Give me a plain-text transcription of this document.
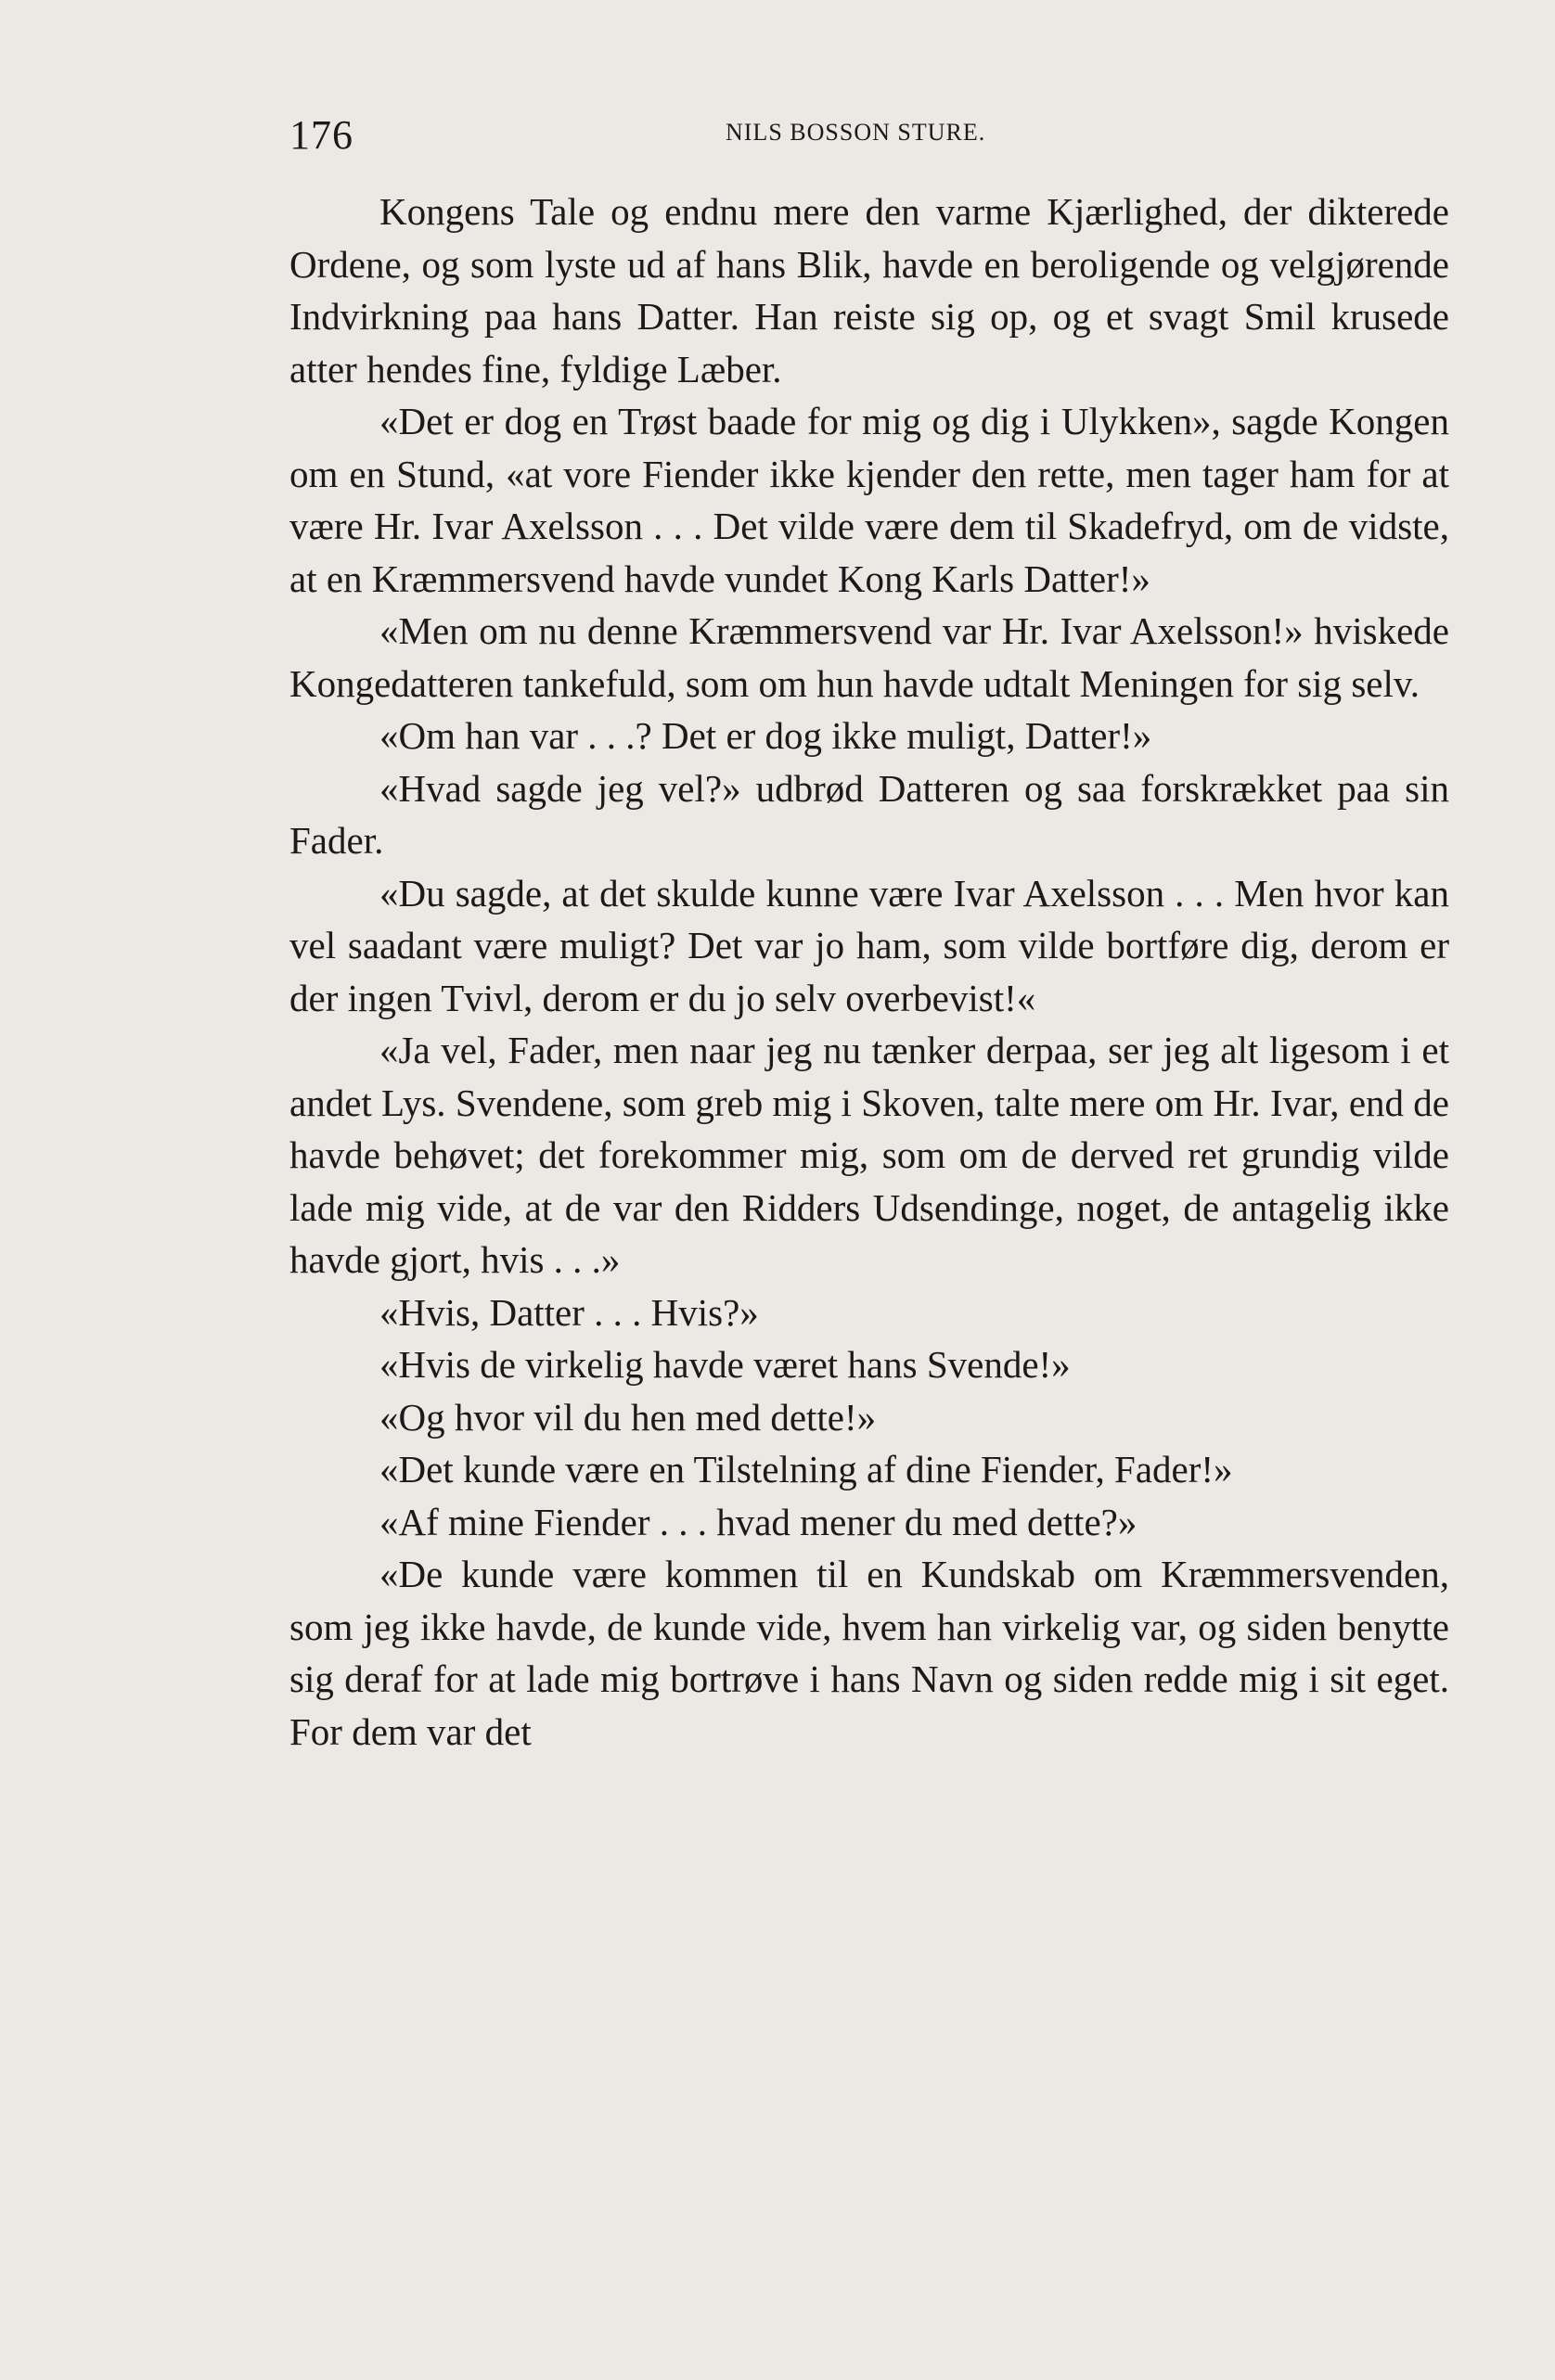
176	NILS BOSSON STURE.

Kongens Tale og endnu mere den varme Kjærlighed, der dikterede Ordene, og som lyste ud af hans Blik, havde en beroligende og velgjørende Indvirkning paa hans Datter. Han reiste sig op, og et svagt Smil krusede atter hendes fine, fyldige Læber.

«Det er dog en Trøst baade for mig og dig i Ulykken», sagde Kongen om en Stund, «at vore Fiender ikke kjender den rette, men tager ham for at være Hr. Ivar Axelsson . . . Det vilde være dem til Skadefryd, om de vidste, at en Kræmmersvend havde vundet Kong Karls Datter!»

«Men om nu denne Kræmmersvend var Hr. Ivar Axelsson!» hviskede Kongedatteren tankefuld, som om hun havde udtalt Meningen for sig selv.

«Om han var . . .? Det er dog ikke muligt, Datter!»

«Hvad sagde jeg vel?» udbrød Datteren og saa forskrækket paa sin Fader.

«Du sagde, at det skulde kunne være Ivar Axelsson . . . Men hvor kan vel saadant være muligt? Det var jo ham, som vilde bortføre dig, derom er der ingen Tvivl, derom er du jo selv overbevist!«

«Ja vel, Fader, men naar jeg nu tænker derpaa, ser jeg alt ligesom i et andet Lys. Svendene, som greb mig i Skoven, talte mere om Hr. Ivar, end de havde behøvet; det forekommer mig, som om de derved ret grundig vilde lade mig vide, at de var den Ridders Udsendinge, noget, de antagelig ikke havde gjort, hvis . . .»

«Hvis, Datter . . . Hvis?»

«Hvis de virkelig havde været hans Svende!»

«Og hvor vil du hen med dette!»

«Det kunde være en Tilstelning af dine Fiender, Fader!»

«Af mine Fiender . . . hvad mener du med dette?»

«De kunde være kommen til en Kundskab om Kræmmersvenden, som jeg ikke havde, de kunde vide, hvem han virkelig var, og siden benytte sig deraf for at lade mig bortrøve i hans Navn og siden redde mig i sit eget. For dem var det
